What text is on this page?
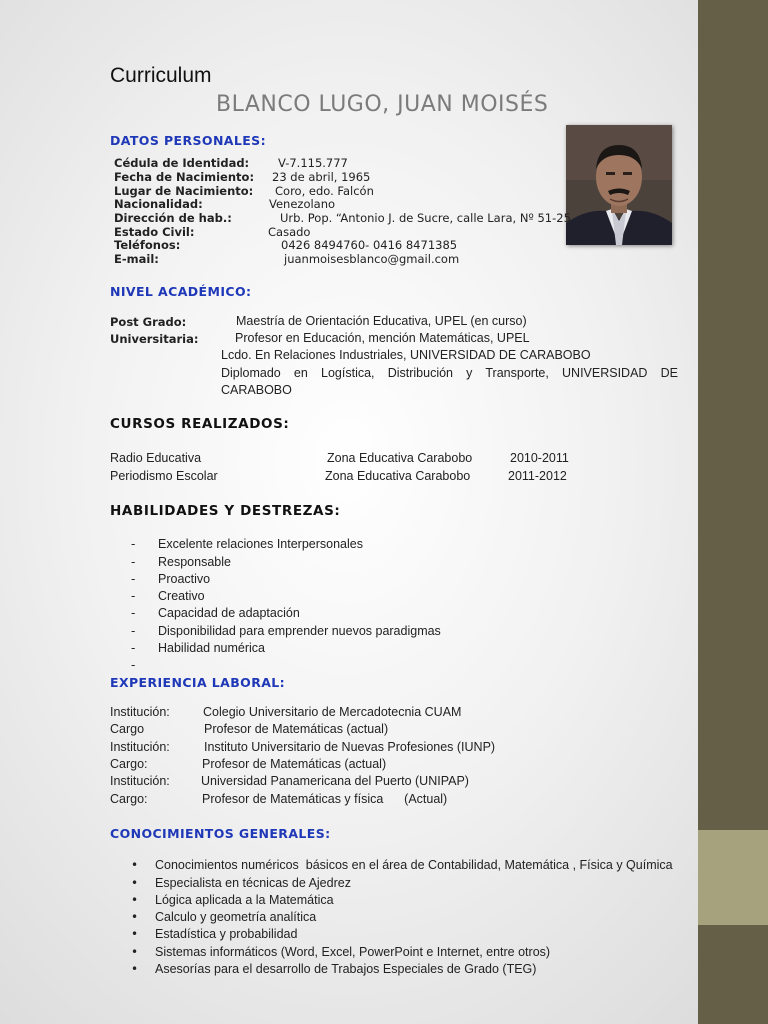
Curriculum
BLANCO LUGO, JUAN MOISÉS
DATOS PERSONALES:
Cédula de Identidad:	V-7.115.777
Fecha de Nacimiento: 23 de abril, 1965
Lugar de Nacimiento: Coro, edo. Falcón
Nacionalidad:	Venezolano
Dirección de hab.:	Urb. Pop. “Antonio J. de Sucre, calle Lara, Nº 51-25
Estado Civil:	Casado
Teléfonos:	0426 8494760- 0416 8471385
E-mail:	juanmoisesblanco@gmail.com
NIVEL ACADÉMICO:
Post Grado:	Maestría de Orientación Educativa, UPEL (en curso)
Universitaria:	Profesor en Educación, mención Matemáticas, UPEL
Lcdo. En Relaciones Industriales, UNIVERSIDAD DE CARABOBO
Diplomado en Logística, Distribución y Transporte, UNIVERSIDAD DE
CARABOBO
CURSOS REALIZADOS:
Radio Educativa	Zona Educativa Carabobo	2010-2011
Periodismo Escolar	Zona Educativa Carabobo	2011-2012
HABILIDADES Y DESTREZAS:
- Excelente relaciones Interpersonales
- Responsable
- Proactivo
- Creativo
- Capacidad de adaptación
- Disponibilidad para emprender nuevos paradigmas
- Habilidad numérica
-
EXPERIENCIA LABORAL:
Institución:	Colegio Universitario de Mercadotecnia CUAM
Cargo	Profesor de Matemáticas (actual)
Institución:	Instituto Universitario de Nuevas Profesiones (IUNP)
Cargo:	Profesor de Matemáticas (actual)
Institución: Universidad Panamericana del Puerto (UNIPAP)
Cargo:	Profesor de Matemáticas y física      (Actual)
CONOCIMIENTOS GENERALES:
• Conocimientos numéricos  básicos en el área de Contabilidad, Matemática , Física y Química
• Especialista en técnicas de Ajedrez
• Lógica aplicada a la Matemática
• Calculo y geometría analítica
• Estadística y probabilidad
• Sistemas informáticos (Word, Excel, PowerPoint e Internet, entre otros)
• Asesorías para el desarrollo de Trabajos Especiales de Grado (TEG)
